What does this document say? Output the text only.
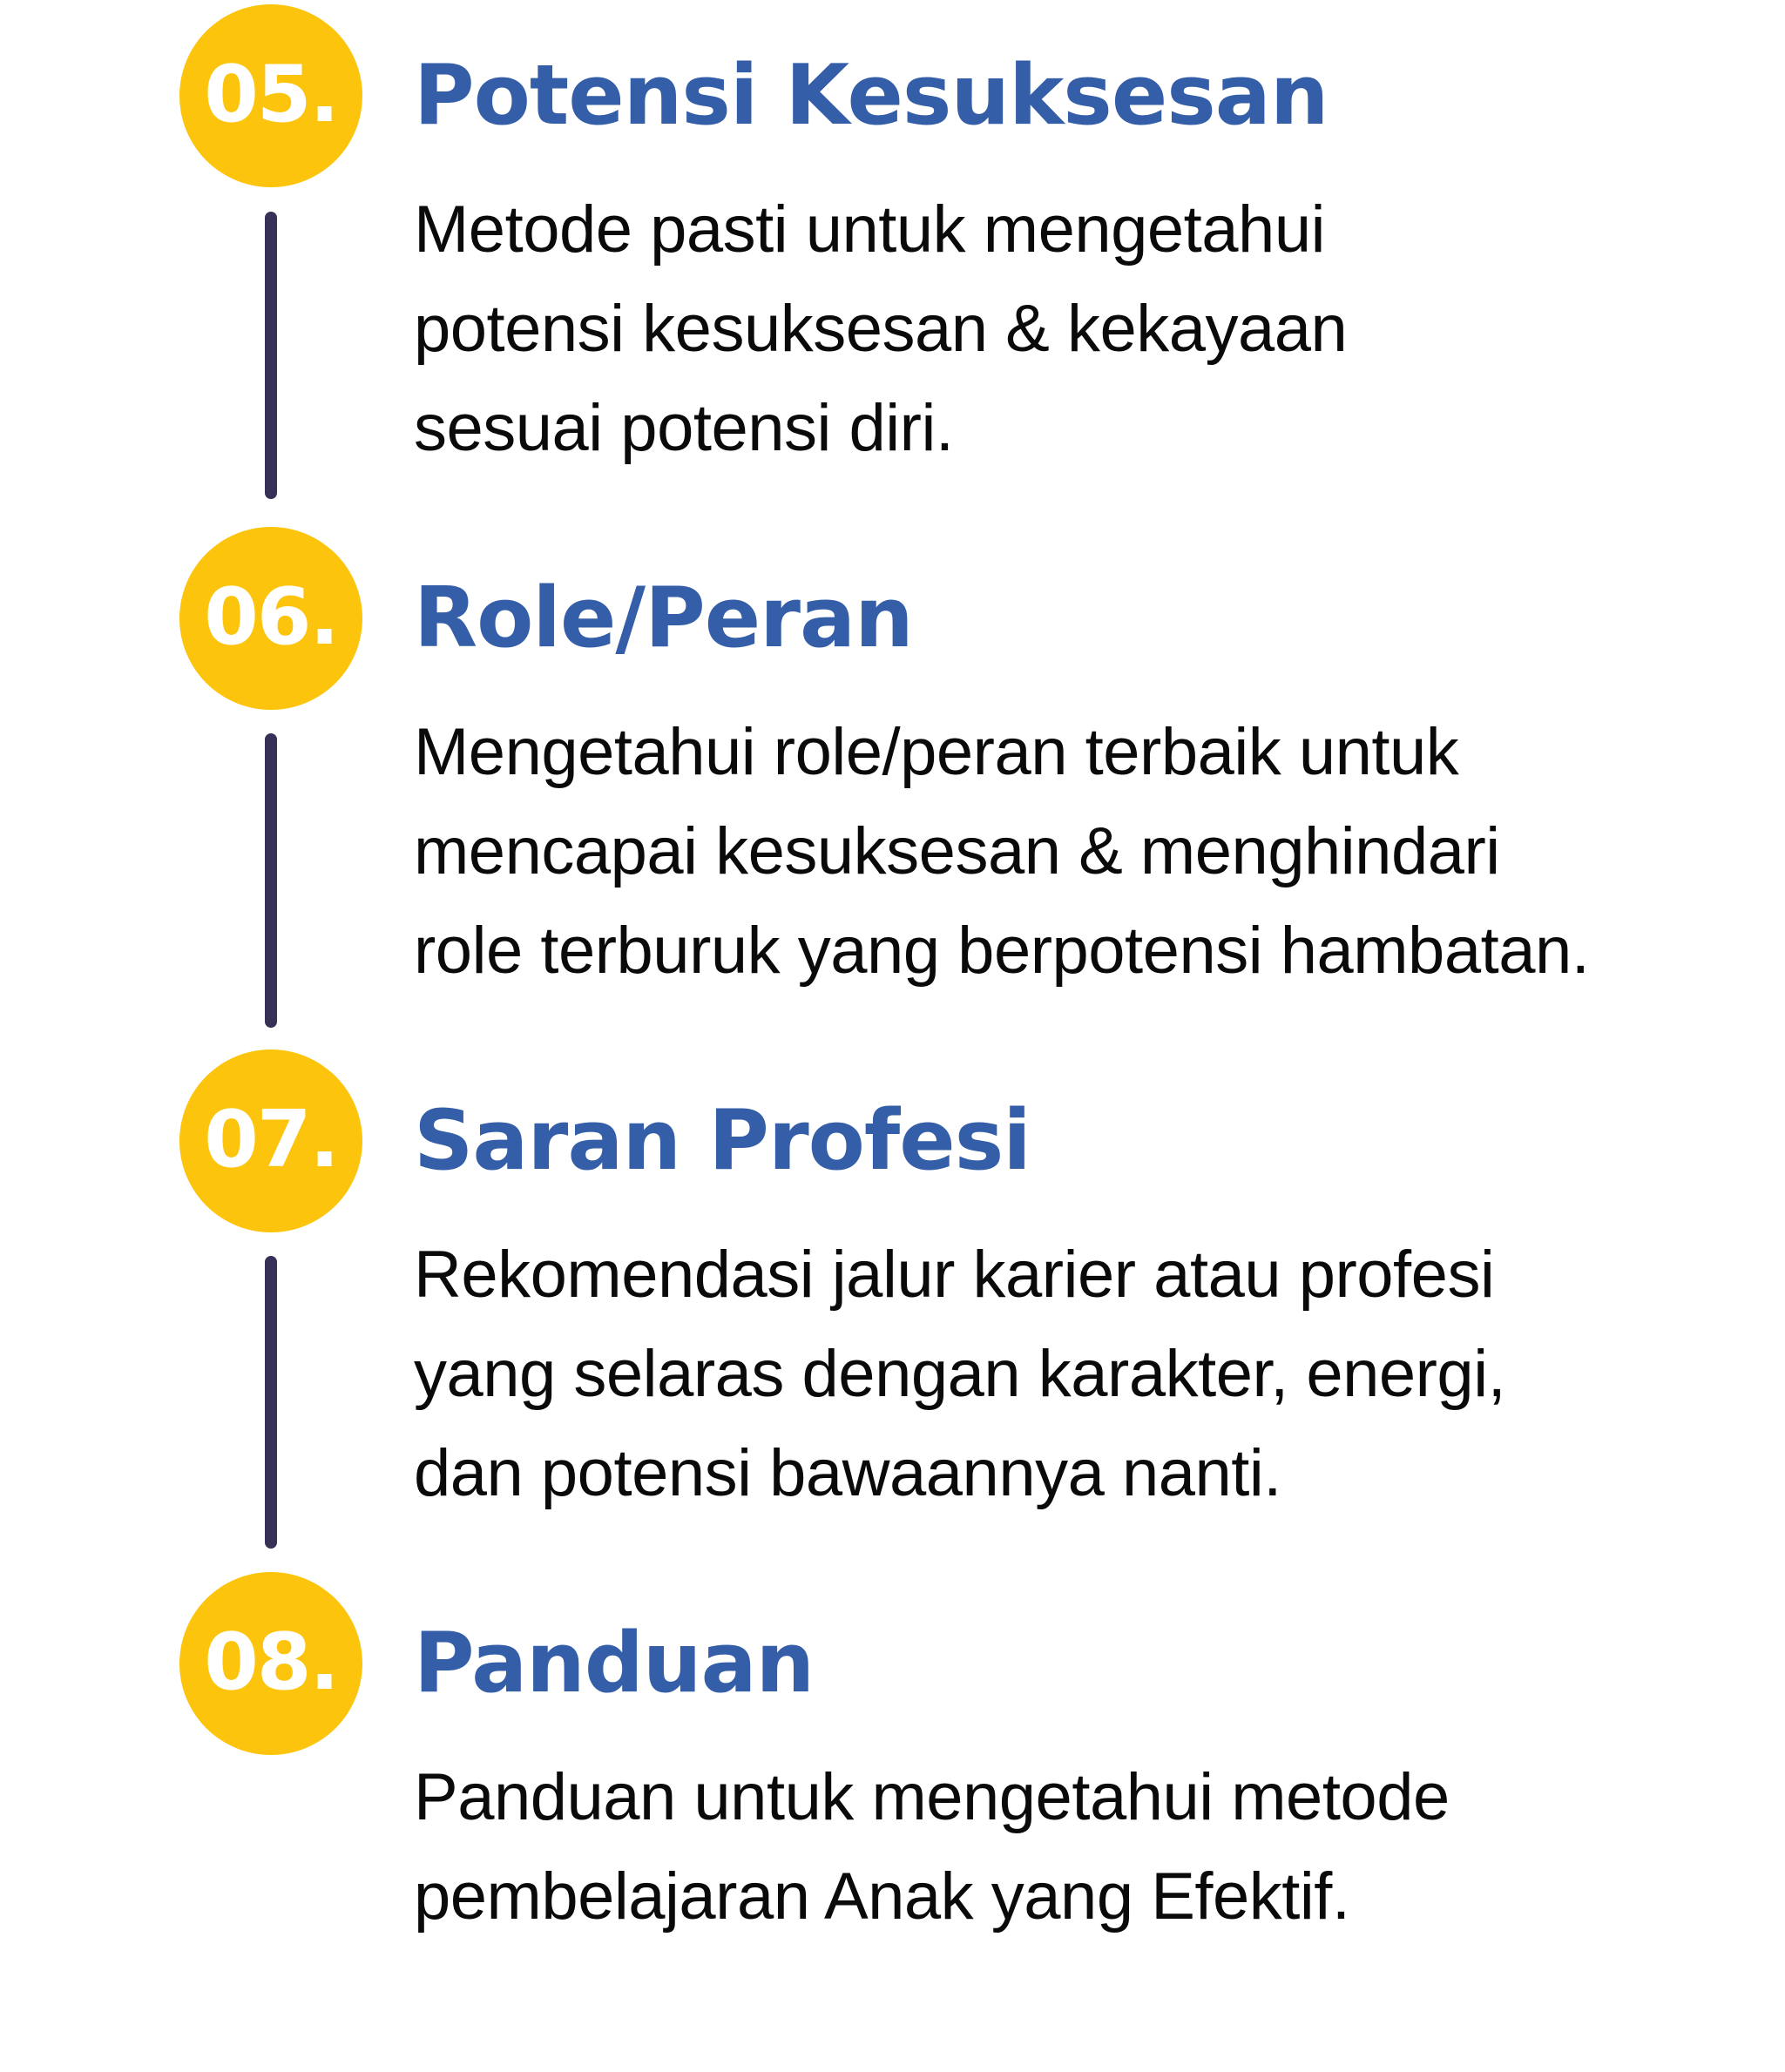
05. Potensi Kesuksesan
Metode pasti untuk mengetahui
potensi kesuksesan & kekayaan
sesuai potensi diri.
06. Role/Peran
Mengetahui role/peran terbaik untuk
mencapai kesuksesan & menghindari
role terburuk yang berpotensi hambatan.
07. Saran Profesi
Rekomendasi jalur karier atau profesi
yang selaras dengan karakter, energi,
dan potensi bawaannya nanti.
08. Panduan
Panduan untuk mengetahui metode
pembelajaran Anak yang Efektif.
